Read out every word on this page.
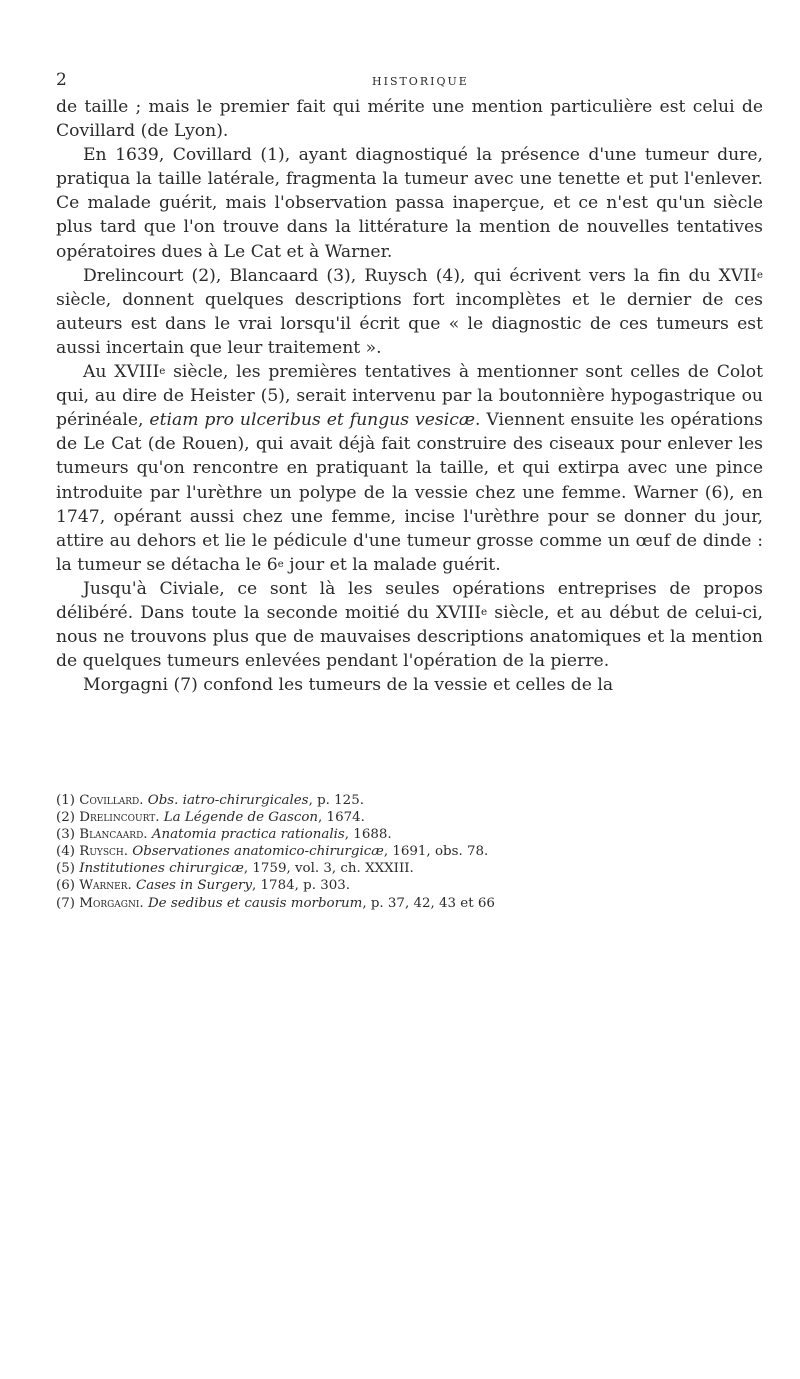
2	HISTORIQUE

de taille ; mais le premier fait qui mérite une mention particulière est celui de Covillard (de Lyon).

En 1639, Covillard (1), ayant diagnostiqué la présence d'une tumeur dure, pratiqua la taille latérale, fragmenta la tumeur avec une tenette et put l'enlever. Ce malade guérit, mais l'observation passa inaperçue, et ce n'est qu'un siècle plus tard que l'on trouve dans la littérature la mention de nouvelles tentatives opératoires dues à Le Cat et à Warner.

Drelincourt (2), Blancaard (3), Ruysch (4), qui écrivent vers la fin du XVIIe siècle, donnent quelques descriptions fort incomplètes et le dernier de ces auteurs est dans le vrai lorsqu'il écrit que « le diagnostic de ces tumeurs est aussi incertain que leur traitement ».

Au XVIIIe siècle, les premières tentatives à mentionner sont celles de Colot qui, au dire de Heister (5), serait intervenu par la boutonnière hypogastrique ou périnéale, etiam pro ulceribus et fungus vesicæ. Viennent ensuite les opérations de Le Cat (de Rouen), qui avait déjà fait construire des ciseaux pour enlever les tumeurs qu'on rencontre en pratiquant la taille, et qui extirpa avec une pince introduite par l'urèthre un polype de la vessie chez une femme. Warner (6), en 1747, opérant aussi chez une femme, incise l'urèthre pour se donner du jour, attire au dehors et lie le pédicule d'une tumeur grosse comme un œuf de dinde : la tumeur se détacha le 6e jour et la malade guérit.

Jusqu'à Civiale, ce sont là les seules opérations entreprises de propos délibéré. Dans toute la seconde moitié du XVIIIe siècle, et au début de celui-ci, nous ne trouvons plus que de mauvaises descriptions anatomiques et la mention de quelques tumeurs enlevées pendant l'opération de la pierre.

Morgagni (7) confond les tumeurs de la vessie et celles de la

(1) Covillard. Obs. iatro-chirurgicales, p. 125.

(2) Drelincourt. La Légende de Gascon, 1674.

(3) Blancaard. Anatomia practica rationalis, 1688.

(4) Ruysch. Observationes anatomico-chirurgicæ, 1691, obs. 78.

(5) Institutiones chirurgicæ, 1759, vol. 3, ch. XXXIII.

(6) Warner. Cases in Surgery, 1784, p. 303.

(7) Morgagni. De sedibus et causis morborum, p. 37, 42, 43 et 66
